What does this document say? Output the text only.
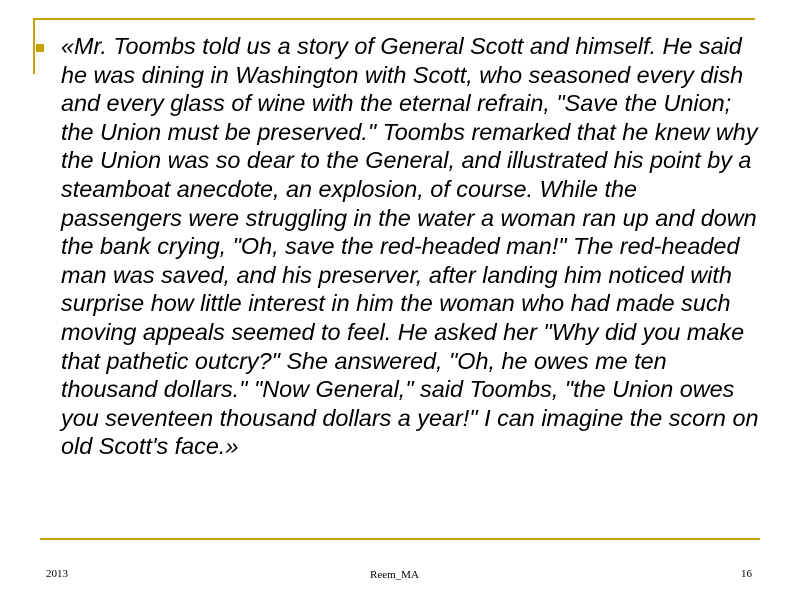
«Mr. Toombs told us a story of General Scott and himself. He said he was dining in Washington with Scott, who seasoned every dish and every glass of wine with the eternal refrain, "Save the Union; the Union must be preserved." Toombs remarked that he knew why the Union was so dear to the General, and illustrated his point by a steamboat anecdote, an explosion, of course. While the passengers were struggling in the water a woman ran up and down the bank crying, "Oh, save the red-headed man!" The red-headed man was saved, and his preserver, after landing him noticed with surprise how little interest in him the woman who had made such moving appeals seemed to feel. He asked her "Why did you make that pathetic outcry?" She answered, "Oh, he owes me ten thousand dollars." "Now General," said Toombs, "the Union owes you seventeen thousand dollars a year!" I can imagine the scorn on old Scott's face.»

2013	Reem_MA	16
